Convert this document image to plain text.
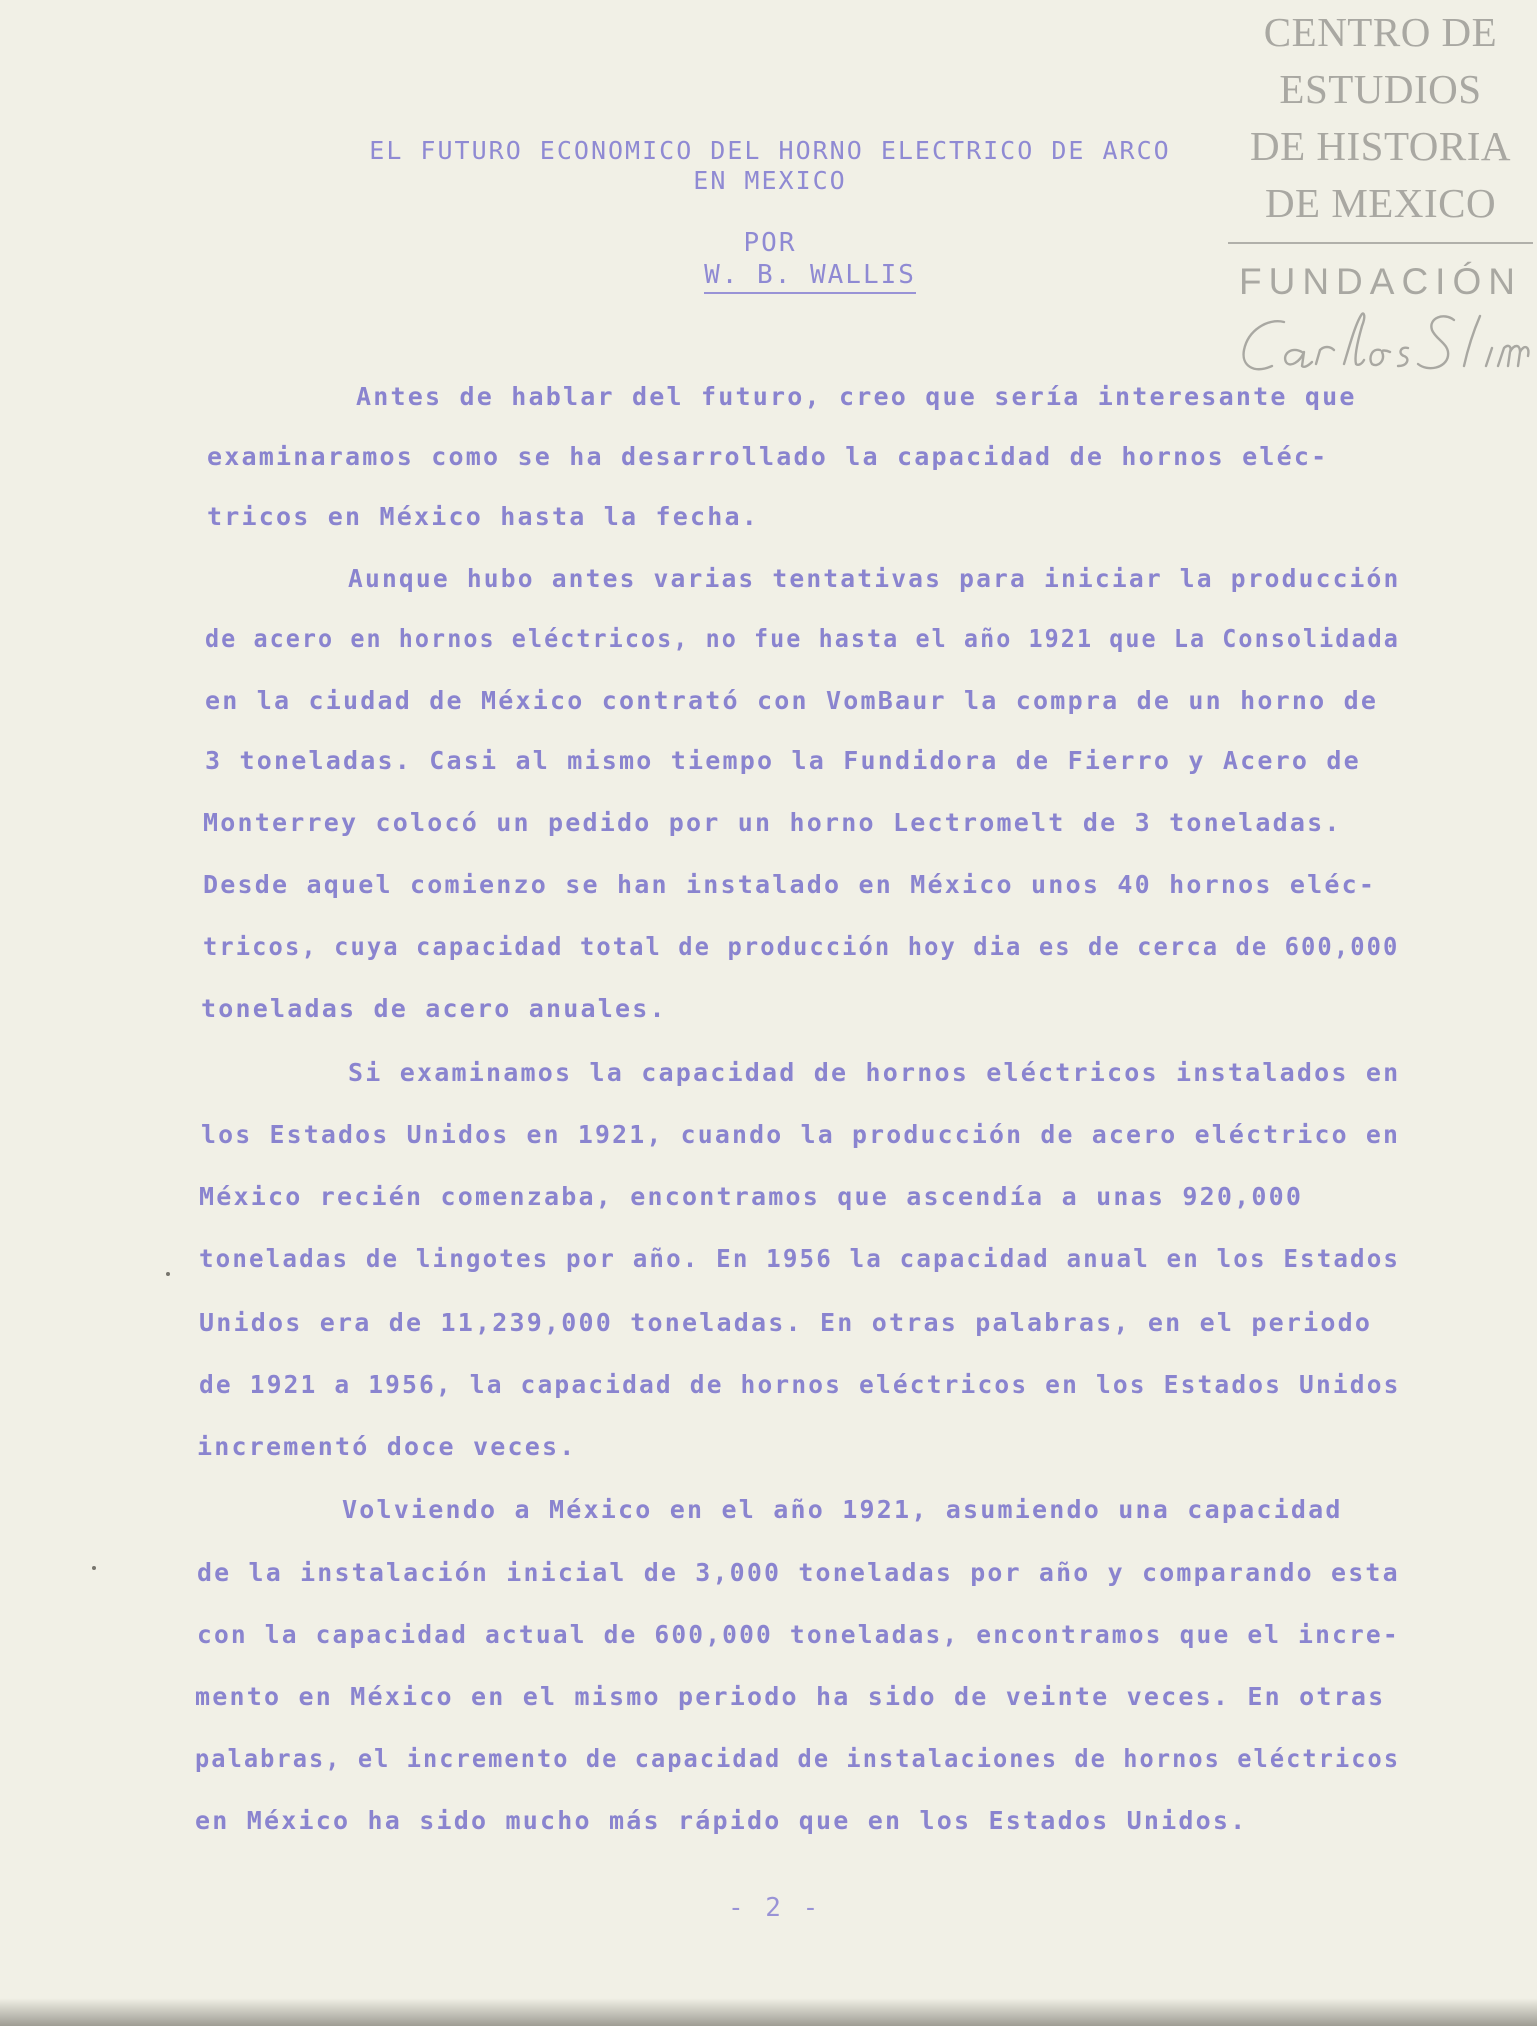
CENTRO DE
ESTUDIOS
DE HISTORIA
DE MEXICO
FUNDACIÓN
EL FUTURO ECONOMICO DEL HORNO ELECTRICO DE ARCO
EN MEXICO
POR
W. B. WALLIS
Antes de hablar del futuro, creo que sería interesante que
examinaramos como se ha desarrollado la capacidad de hornos eléc-
tricos en México hasta la fecha.
Aunque hubo antes varias tentativas para iniciar la producción
de acero en hornos eléctricos, no fue hasta el año 1921 que La Consolidada
en la ciudad de México contrató con VomBaur la compra de un horno de
3 toneladas. Casi al mismo tiempo la Fundidora de Fierro y Acero de
Monterrey colocó un pedido por un horno Lectromelt de 3 toneladas.
Desde aquel comienzo se han instalado en México unos 40 hornos eléc-
tricos, cuya capacidad total de producción hoy dia es de cerca de 600,000
toneladas de acero anuales.
Si examinamos la capacidad de hornos eléctricos instalados en
los Estados Unidos en 1921, cuando la producción de acero eléctrico en
México recién comenzaba, encontramos que ascendía a unas 920,000
toneladas de lingotes por año. En 1956 la capacidad anual en los Estados
Unidos era de 11,239,000 toneladas. En otras palabras, en el periodo
de 1921 a 1956, la capacidad de hornos eléctricos en los Estados Unidos
incrementó doce veces.
Volviendo a México en el año 1921, asumiendo una capacidad
de la instalación inicial de 3,000 toneladas por año y comparando esta
con la capacidad actual de 600,000 toneladas, encontramos que el incre-
mento en México en el mismo periodo ha sido de veinte veces. En otras
palabras, el incremento de capacidad de instalaciones de hornos eléctricos
en México ha sido mucho más rápido que en los Estados Unidos.
- 2 -
